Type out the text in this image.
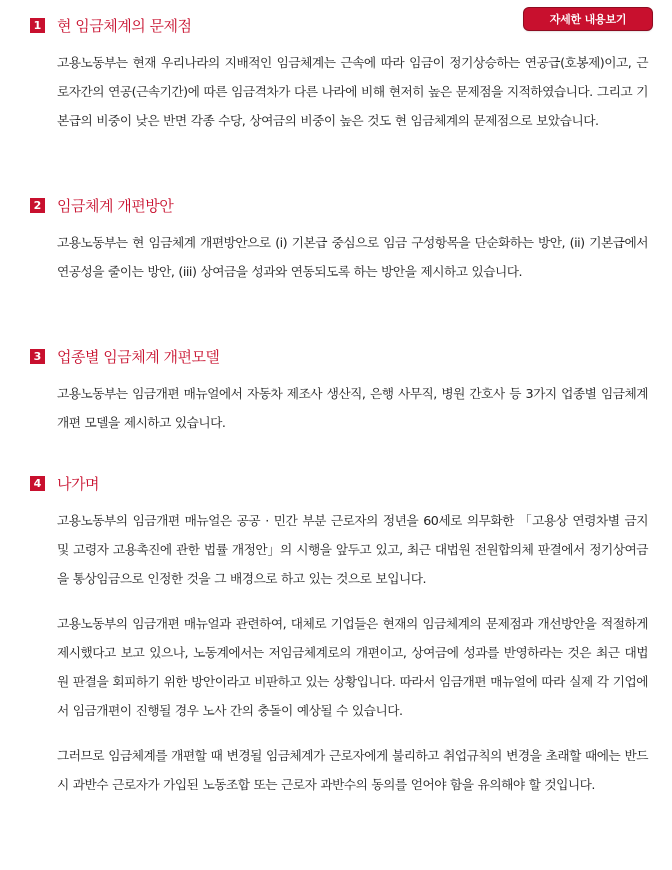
자세한 내용보기
1 현 임금체계의 문제점

고용노동부는 현재 우리나라의 지배적인 임금체계는 근속에 따라 임금이 정기상승하는 연공급(호봉제)이고, 근로자간의 연공(근속기간)에 따른 임금격차가 다른 나라에 비해 현저히 높은 문제점을 지적하였습니다. 그리고 기본급의 비중이 낮은 반면 각종 수당, 상여금의 비중이 높은 것도 현 임금체계의 문제점으로 보았습니다.

2 임금체계 개편방안

고용노동부는 현 임금체계 개편방안으로 (i) 기본급 중심으로 임금 구성항목을 단순화하는 방안, (ii) 기본급에서 연공성을 줄이는 방안, (iii) 상여금을 성과와 연동되도록 하는 방안을 제시하고 있습니다.

3 업종별 임금체계 개편모델

고용노동부는 임금개편 매뉴얼에서 자동차 제조사 생산직, 은행 사무직, 병원 간호사 등 3가지 업종별 임금체계 개편 모델을 제시하고 있습니다.

4 나가며

고용노동부의 임금개편 매뉴얼은 공공 · 민간 부분 근로자의 정년을 60세로 의무화한 「고용상 연령차별 금지 및 고령자 고용촉진에 관한 법률 개정안」의 시행을 앞두고 있고, 최근 대법원 전원합의체 판결에서 정기상여금을 통상임금으로 인정한 것을 그 배경으로 하고 있는 것으로 보입니다.

고용노동부의 임금개편 매뉴얼과 관련하여, 대체로 기업들은 현재의 임금체계의 문제점과 개선방안을 적절하게 제시했다고 보고 있으나, 노동계에서는 저임금체계로의 개편이고, 상여금에 성과를 반영하라는 것은 최근 대법원 판결을 회피하기 위한 방안이라고 비판하고 있는 상황입니다. 따라서 임금개편 매뉴얼에 따라 실제 각 기업에서 임금개편이 진행될 경우 노사 간의 충돌이 예상될 수 있습니다.

그러므로 임금체계를 개편할 때 변경될 임금체계가 근로자에게 불리하고 취업규칙의 변경을 초래할 때에는 반드시 과반수 근로자가 가입된 노동조합 또는 근로자 과반수의 동의를 얻어야 함을 유의해야 할 것입니다.
